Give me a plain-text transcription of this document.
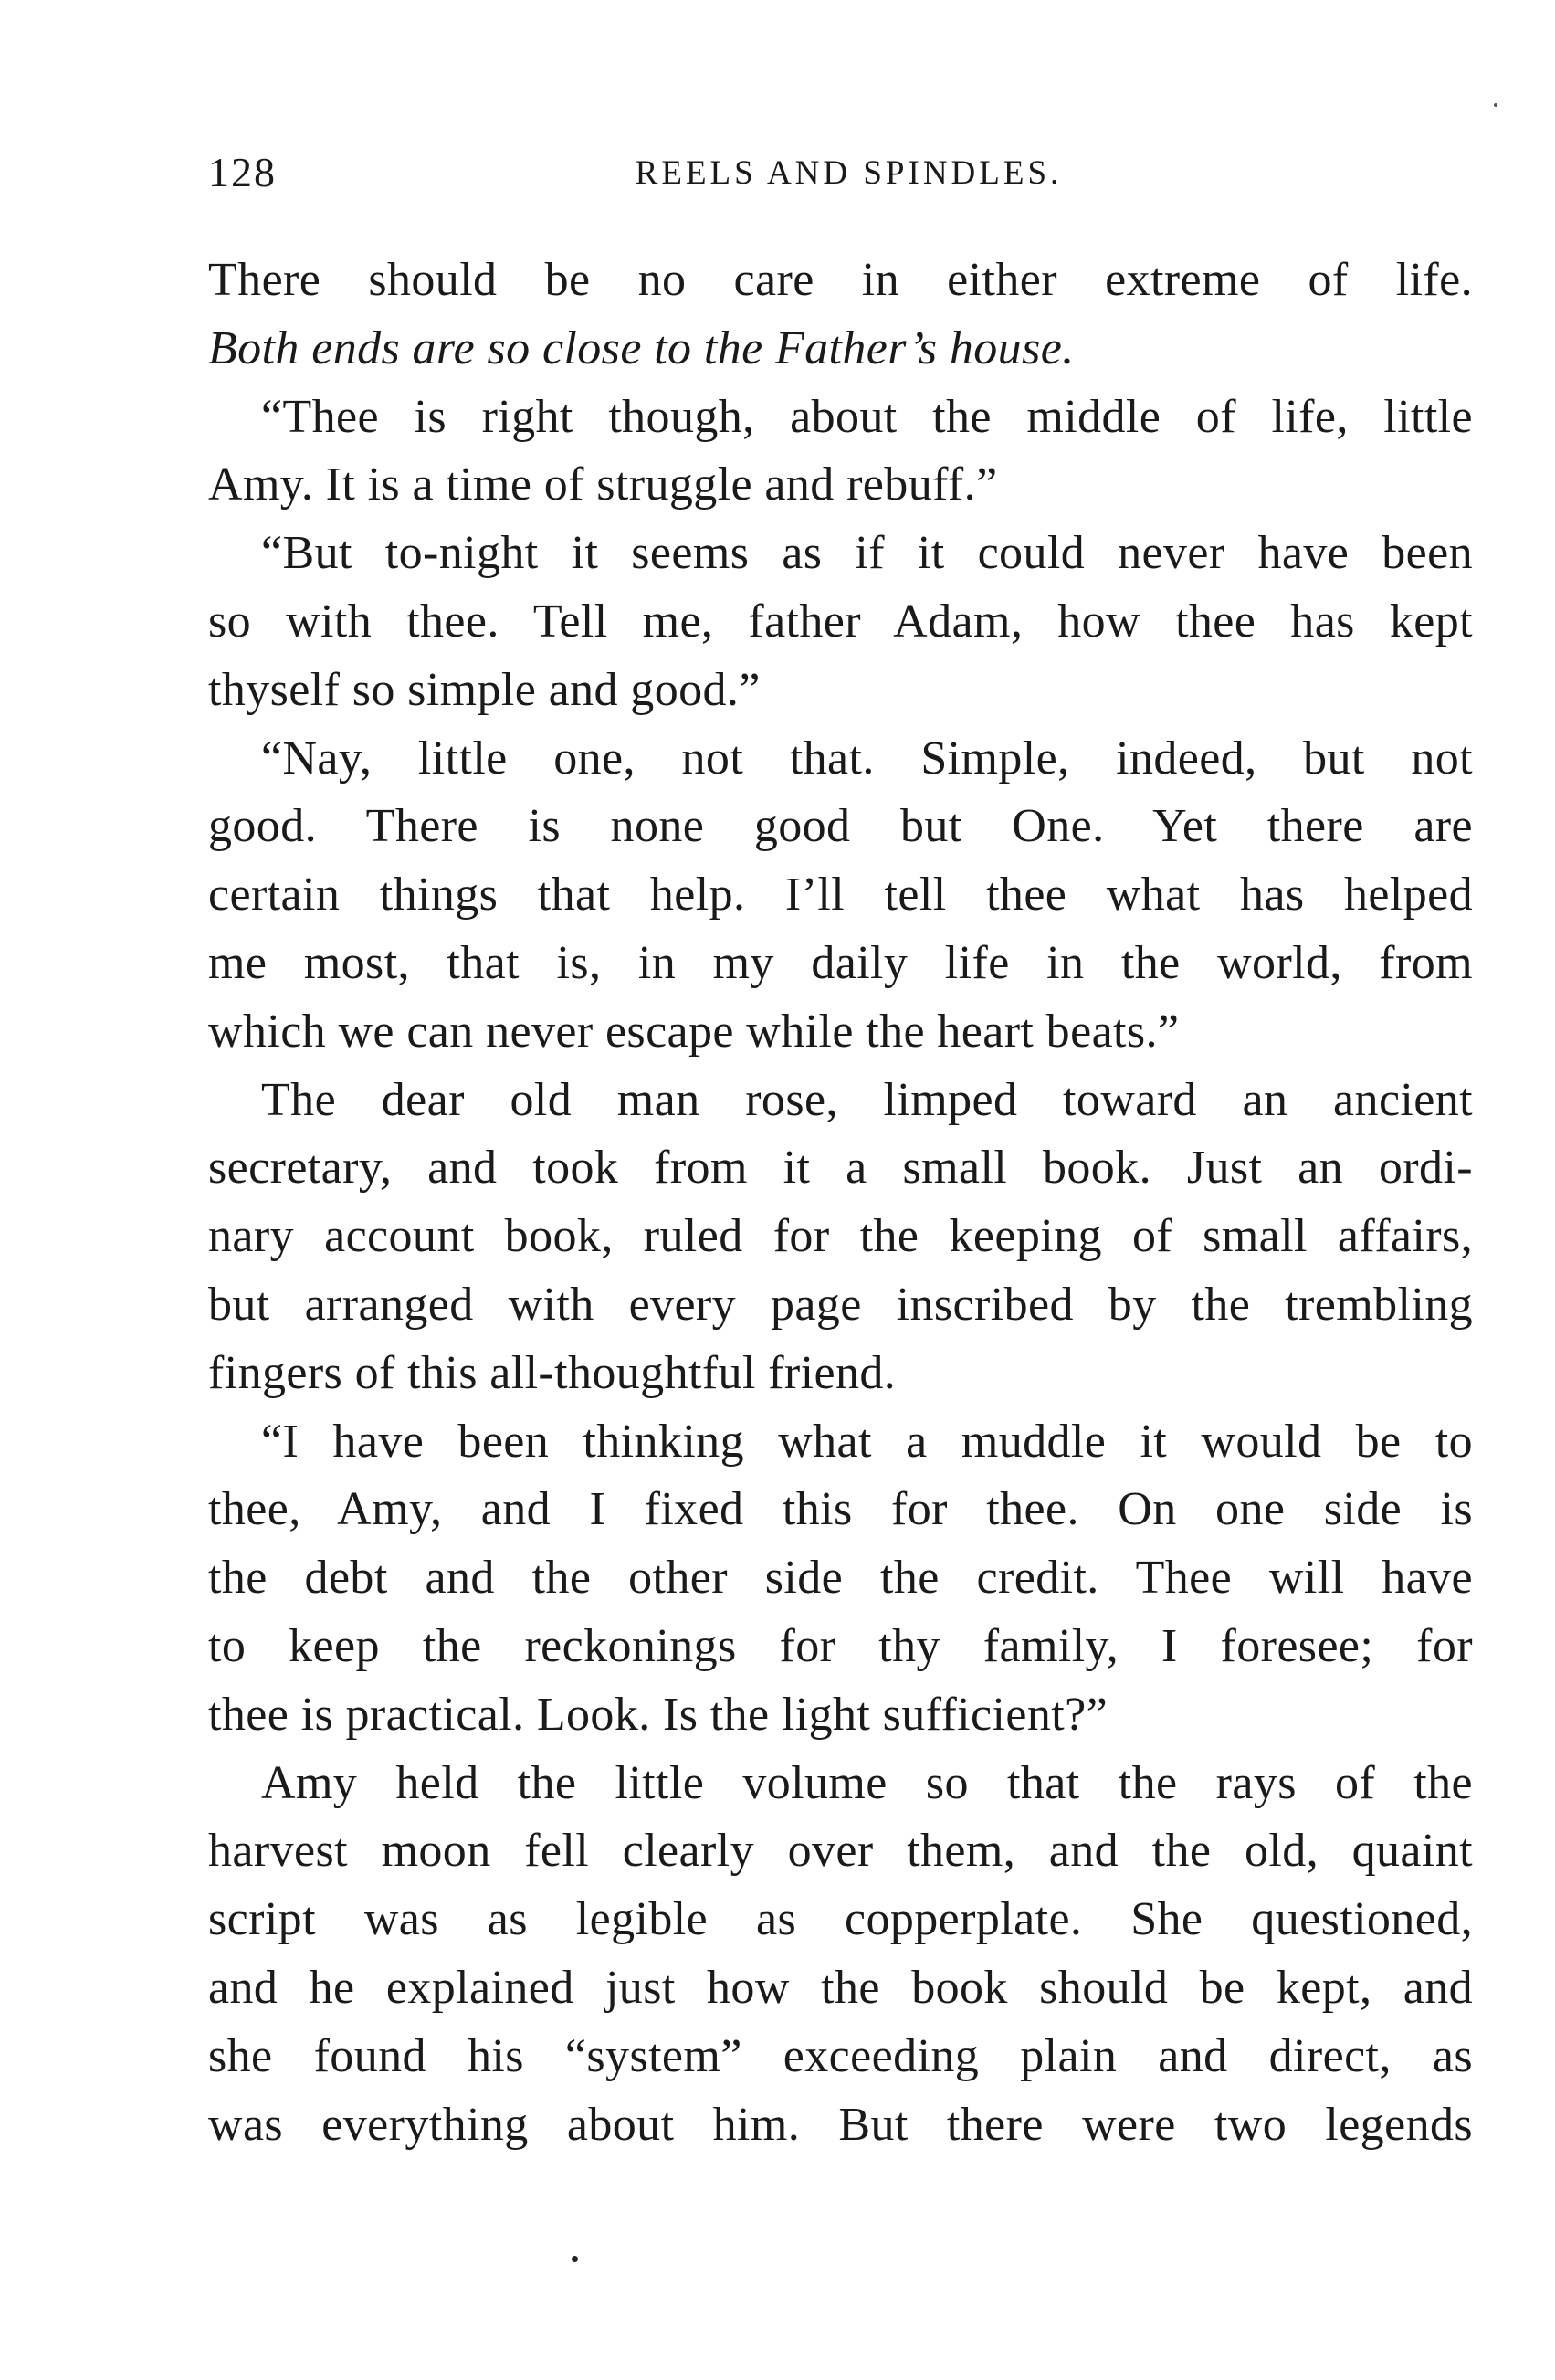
128	REELS AND SPINDLES.
There should be no care in either extreme of life.
Both ends are so close to the Father’s house.
“Thee is right though, about the middle of life, little
Amy. It is a time of struggle and rebuff.”
“But to-night it seems as if it could never have been
so with thee. Tell me, father Adam, how thee has kept
thyself so simple and good.”
“Nay, little one, not that. Simple, indeed, but not
good. There is none good but One. Yet there are
certain things that help. I’ll tell thee what has helped
me most, that is, in my daily life in the world, from
which we can never escape while the heart beats.”
The dear old man rose, limped toward an ancient
secretary, and took from it a small book. Just an ordi-
nary account book, ruled for the keeping of small affairs,
but arranged with every page inscribed by the trembling
fingers of this all-thoughtful friend.
“I have been thinking what a muddle it would be to
thee, Amy, and I fixed this for thee. On one side is
the debt and the other side the credit. Thee will have
to keep the reckonings for thy family, I foresee; for
thee is practical. Look. Is the light sufficient?”
Amy held the little volume so that the rays of the
harvest moon fell clearly over them, and the old, quaint
script was as legible as copperplate. She questioned,
and he explained just how the book should be kept, and
she found his “system” exceeding plain and direct, as
was everything about him. But there were two legends
